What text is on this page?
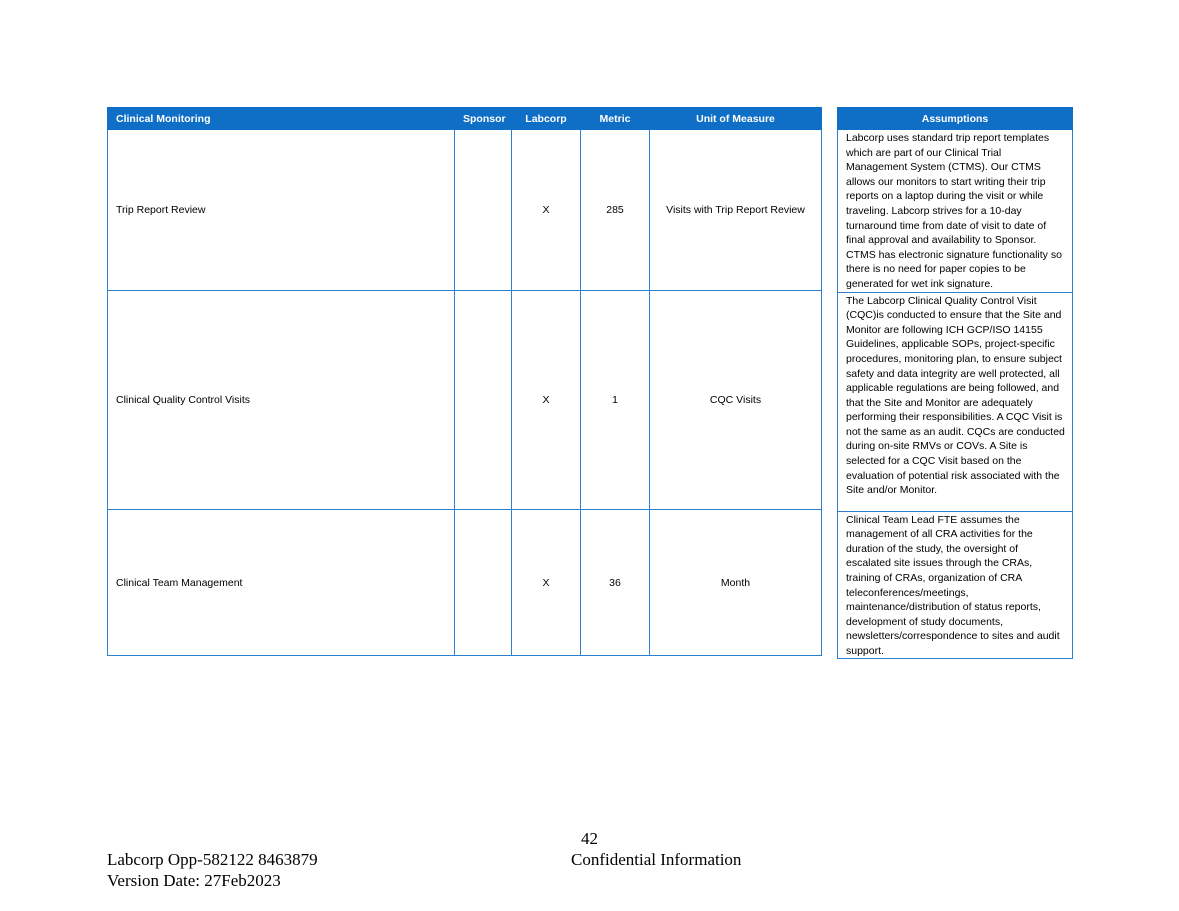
Clinical Monitoring	Sponsor	Labcorp	Metric	Unit of Measure
Trip Report Review		X	285	Visits with Trip Report Review
Clinical Quality Control Visits		X	1	CQC Visits
Clinical Team Management		X	36	Month
Assumptions
Labcorp uses standard trip report templates which are part of our Clinical Trial Management System (CTMS). Our CTMS allows our monitors to start writing their trip reports on a laptop during the visit or while traveling. Labcorp strives for a 10-day turnaround time from date of visit to date of final approval and availability to Sponsor. CTMS has electronic signature functionality so there is no need for paper copies to be generated for wet ink signature.
The Labcorp Clinical Quality Control Visit (CQC)is conducted to ensure that the Site and Monitor are following ICH GCP/ISO 14155 Guidelines, applicable SOPs, project-specific procedures, monitoring plan, to ensure subject safety and data integrity are well protected, all applicable regulations are being followed, and that the Site and Monitor are adequately performing their responsibilities. A CQC Visit is not the same as an audit. CQCs are conducted during on-site RMVs or COVs. A Site is selected for a CQC Visit based on the evaluation of potential risk associated with the Site and/or Monitor.
Clinical Team Lead FTE assumes the management of all CRA activities for the duration of the study, the oversight of escalated site issues through the CRAs, training of CRAs, organization of CRA teleconferences/meetings, maintenance/distribution of status reports, development of study documents, newsletters/correspondence to sites and audit support.
42
Labcorp Opp-582122 8463879	Confidential Information
Version Date: 27Feb2023
